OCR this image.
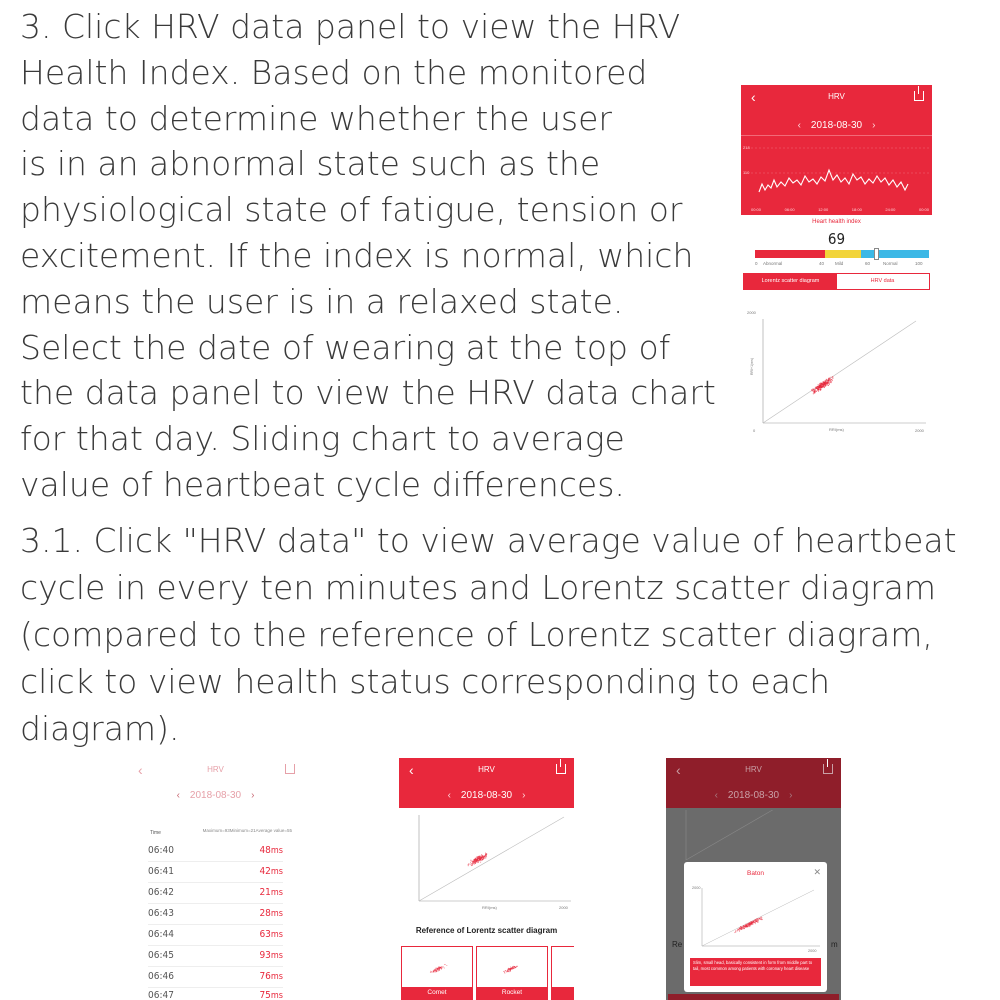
3. Click HRV data panel to view the HRV
Health Index. Based on the monitored
data to determine whether the user
is in an abnormal state such as the
physiological state of fatigue, tension or
excitement. If the index is normal, which
means the user is in a relaxed state.
Select the date of wearing at the top of
the data panel to view the HRV data chart
for that day. Sliding chart to average
value of heartbeat cycle differences.
3.1. Click "HRV data" to view average value of heartbeat
cycle in every ten minutes and Lorentz scatter diagram
(compared to the reference of Lorentz scatter diagram,
click to view health status corresponding to each
diagram).
‹	HRV
‹ 2018-08-30 ›
218
110
00:00	06:00	12:00	18:00	24:00	00:00
Heart health index
69
0 Abnormal	40 Mild	60	Normal	100
Lorentz scatter diagram	HRV data
2000
RRI+1(ms)
0	RRI(ms)	2000
‹	HRV
‹ 2018-08-30 ›
Time	Maximum=93Minimum=21Average value=55
06:40	48ms
06:41	42ms
06:42	21ms
06:43	28ms
06:44	63ms
06:45	93ms
06:46	76ms
06:47	75ms
‹	HRV
‹ 2018-08-30 ›
RRI(ms)	2000
Reference of Lorentz scatter diagram
Comet	Rocket
‹	HRV
‹ 2018-08-30 ›
Re	m
Baton	✕
2000
2000
Slim, small head, basically consistent in form from middle part to tail, most common among patients with coronary heart disease
